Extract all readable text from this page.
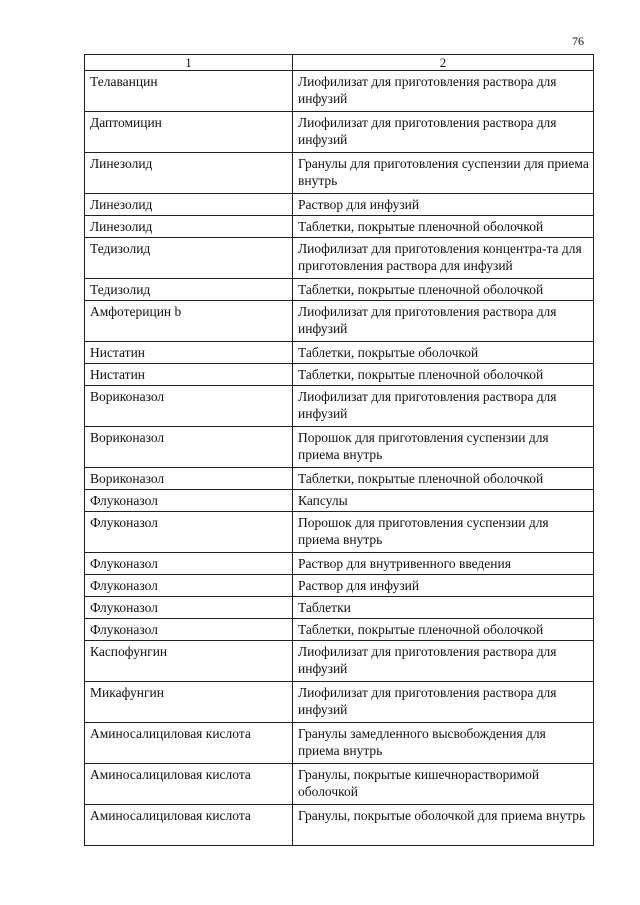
76
1	2
Телаванцин	Лиофилизат для приготовления раствора для инфузий
Даптомицин	Лиофилизат для приготовления раствора для инфузий
Линезолид	Гранулы для приготовления суспензии для приема внутрь
Линезолид	Раствор для инфузий
Линезолид	Таблетки, покрытые пленочной оболочкой
Тедизолид	Лиофилизат для приготовления концентра-та для приготовления раствора для инфузий
Тедизолид	Таблетки, покрытые пленочной оболочкой
Амфотерицин b	Лиофилизат для приготовления раствора для инфузий
Нистатин	Таблетки, покрытые оболочкой
Нистатин	Таблетки, покрытые пленочной оболочкой
Вориконазол	Лиофилизат для приготовления раствора для инфузий
Вориконазол	Порошок для приготовления суспензии для приема внутрь
Вориконазол	Таблетки, покрытые пленочной оболочкой
Флуконазол	Капсулы
Флуконазол	Порошок для приготовления суспензии для приема внутрь
Флуконазол	Раствор для внутривенного введения
Флуконазол	Раствор для инфузий
Флуконазол	Таблетки
Флуконазол	Таблетки, покрытые пленочной оболочкой
Каспофунгин	Лиофилизат для приготовления раствора для инфузий
Микафунгин	Лиофилизат для приготовления раствора для инфузий
Аминосалициловая кислота	Гранулы замедленного высвобождения для приема внутрь
Аминосалициловая кислота	Гранулы, покрытые кишечнорастворимой оболочкой
Аминосалициловая кислота	Гранулы, покрытые оболочкой для приема внутрь
